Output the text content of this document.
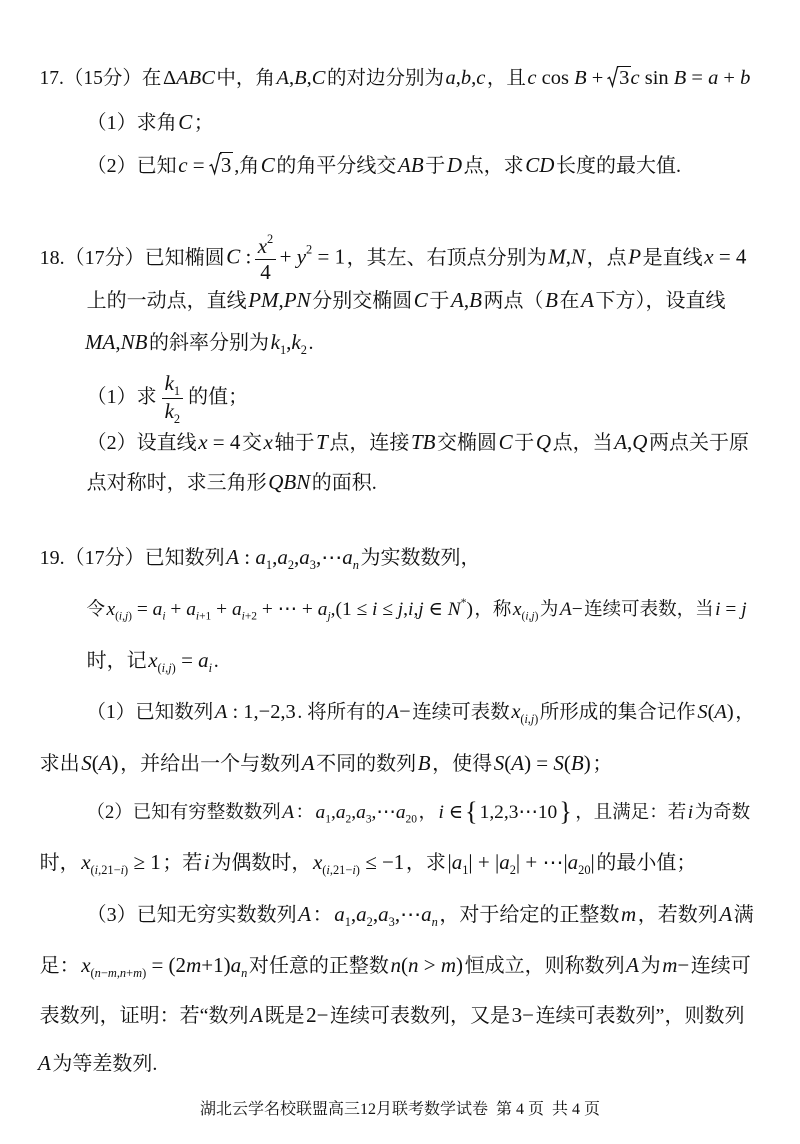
17.（15分）在ΔABC中，角A,B,C的对边分别为a,b,c，且c cos B + 3c sin B = a + b
（1）求角C；
（2）已知c = 3 ,角C的角平分线交AB于D点，求CD长度的最大值.
18.（17分）已知椭圆C : $\frac{x^2}{4} + y^2 = 1$，其左、右顶点分别为M,N，点P是直线x = 4
上的一动点，直线PM,PN分别交椭圆C于A,B两点（B在A下方），设直线
MA,NB的斜率分别为$k_1,k_2$.
（1）求 $\frac{k_1}{k_2}$ 的值；
（2）设直线x = 4交x轴于T点，连接TB交椭圆C于Q点，当A,Q两点关于原
点对称时，求三角形QBN的面积.
19.（17分）已知数列A : $a_1,a_2,a_3,\cdots a_n$为实数数列，
令$x_{(i,j)} = a_i + a_{i+1} + a_{i+2}$ + ⋯ + $a_j,(1 \le i \le j,i,j$ ∈ N*)，称$x_{(i,j)}$为A−连续可表数，当i = j
时，记$x_{(i,j)} = a_i$.
（1）已知数列A : 1,−2,3. 将所有的A−连续可表数$x_{(i,j)}$所形成的集合记作S(A)，
求出S(A)，并给出一个与数列A不同的数列B，使得S(A) = S(B)；
（2）已知有穷整数数列A：$a_1,a_2,a_3,\cdots a_{20}$，i ∈{ 1,2,3⋯10} ，且满足：若i为奇数
时，$x_{(i,21-i)} \ge 1$；若i为偶数时，$x_{(i,21-i)} \le -1$，求$|a_1| + |a_2|$ + $\cdots|a_{20}|$的最小值；
（3）已知无穷实数数列A：$a_1,a_2,a_3,\cdots a_n$，对于给定的正整数m，若数列A满
足：$x_{(n-m,n+m)} = (2m+1)a_n$对任意的正整数n(n > m)恒成立，则称数列A为m−连续可
表数列，证明：若“数列A既是2−连续可表数列，又是3−连续可表数列”，则数列
A为等差数列.
湖北云学名校联盟高三12月联考数学试卷  第 4 页  共 4 页
